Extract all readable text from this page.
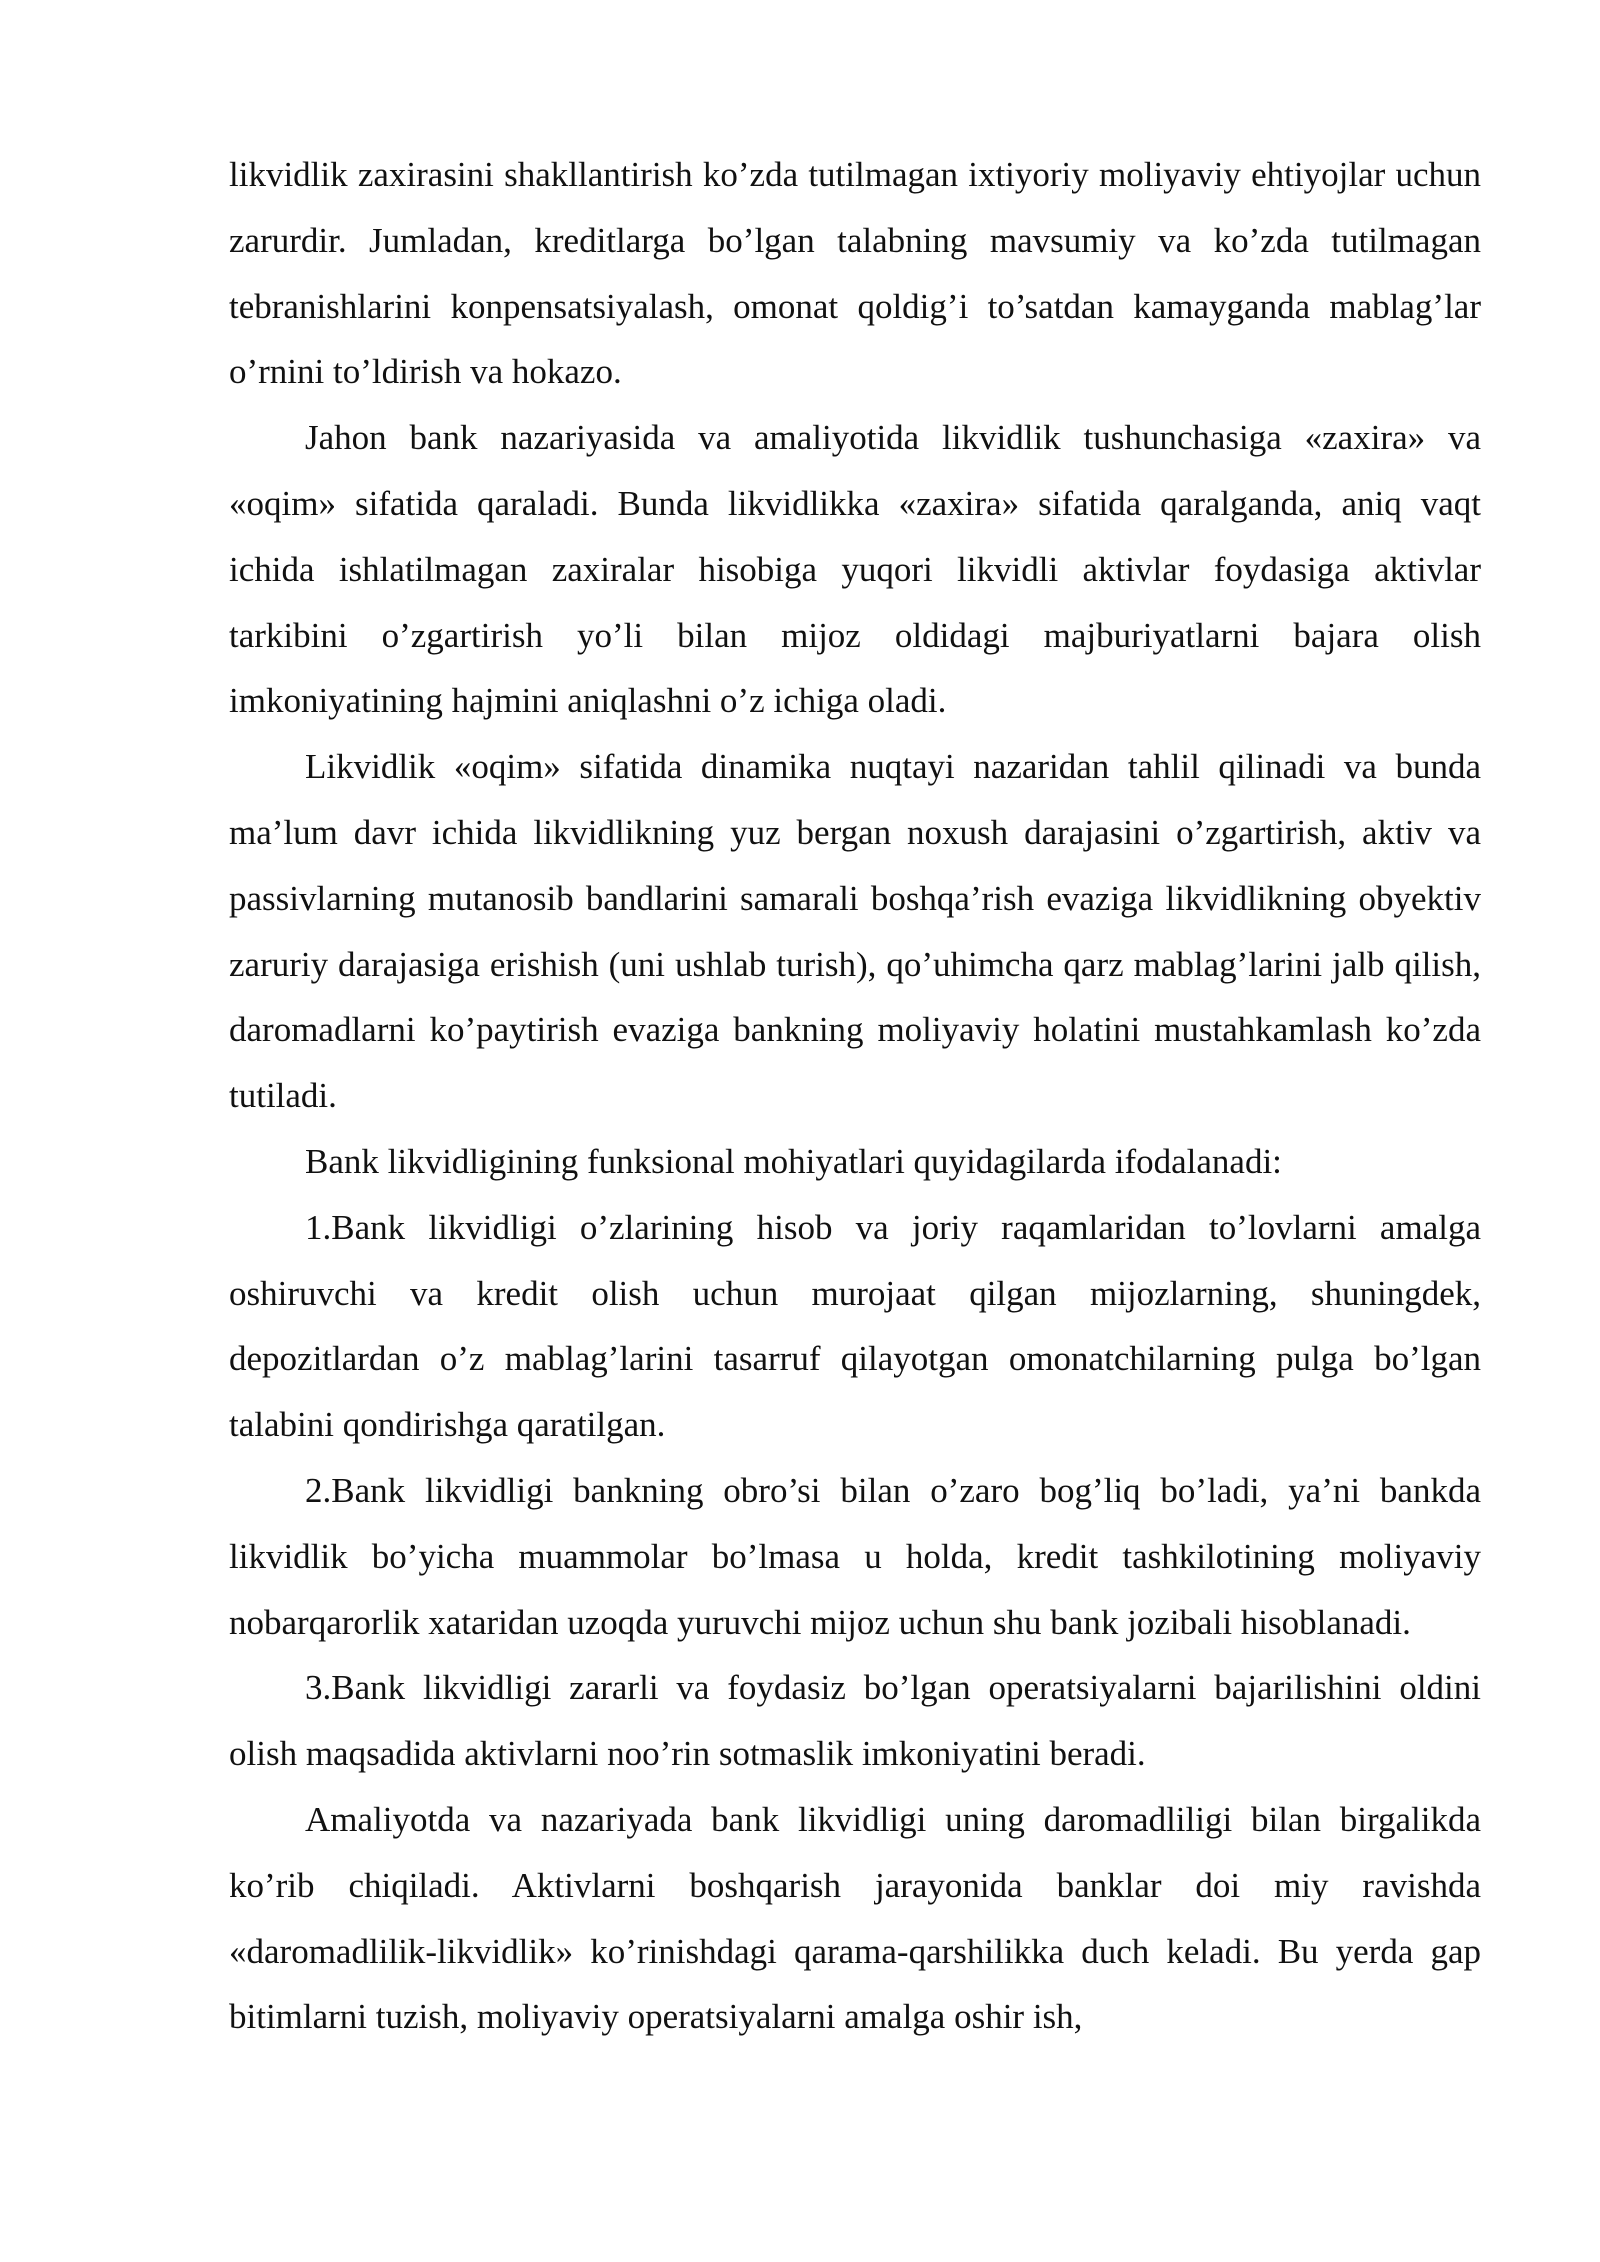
likvidlik zaxirasini shakllantirish ko’zda tutilmagan ixtiyoriy moliyaviy ehtiyojlar uchun zarurdir. Jumladan, kreditlarga bo’lgan talabning mavsumiy va ko’zda tutilmagan tebranishlarini konpensatsiyalash, omonat qoldig’i to’satdan kamayganda mablag’lar o’rnini to’ldirish va hokazo.

Jahon bank nazariyasida va amaliyotida likvidlik tushunchasiga «zaxira» va «oqim» sifatida qaraladi. Bunda likvidlikka «zaxira» sifatida qaralganda, aniq vaqt ichida ishlatilmagan zaxiralar hisobiga yuqori likvidli aktivlar foydasiga aktivlar tarkibini o’zgartirish yo’li bilan mijoz oldidagi majburiyatlarni bajara olish imkoniyatining hajmini aniqlashni o’z ichiga oladi.

Likvidlik «oqim» sifatida dinamika nuqtayi nazaridan tahlil qilinadi va bunda ma’lum davr ichida likvidlikning yuz bergan noxush darajasini o’zgartirish, aktiv va passivlarning mutanosib bandlarini samarali boshqa’rish evaziga likvidlikning obyektiv zaruriy darajasiga erishish (uni ushlab turish), qo’uhimcha qarz mablag’larini jalb qilish, daromadlarni ko’paytirish evaziga bankning moliyaviy holatini mustahkamlash ko’zda tutiladi.

Bank likvidligining funksional mohiyatlari quyidagilarda ifodalanadi:

1.Bank likvidligi o’zlarining hisob va joriy raqamlaridan to’lovlarni amalga oshiruvchi va kredit olish uchun murojaat qilgan mijozlarning, shuningdek, depozitlardan o’z mablag’larini tasarruf qilayotgan omonatchilarning pulga bo’lgan talabini qondirishga qaratilgan.

2.Bank likvidligi bankning obro’si bilan o’zaro bog’liq bo’ladi, ya’ni bankda likvidlik bo’yicha muammolar bo’lmasa u holda, kredit tashkilotining moliyaviy nobarqarorlik xataridan uzoqda yuruvchi mijoz uchun shu bank jozibali hisoblanadi.

3.Bank likvidligi zararli va foydasiz bo’lgan operatsiyalarni bajarilishini oldini olish maqsadida aktivlarni noo’rin sotmaslik imkoniyatini beradi.

Amaliyotda va nazariyada bank likvidligi uning daromadliligi bilan birgalikda ko’rib chiqiladi. Aktivlarni boshqarish jarayonida banklar doi miy ravishda «daromadlilik-likvidlik» ko’rinishdagi qarama-qarshilikka duch keladi. Bu yerda gap bitimlarni tuzish, moliyaviy operatsiyalarni amalga oshir ish,
